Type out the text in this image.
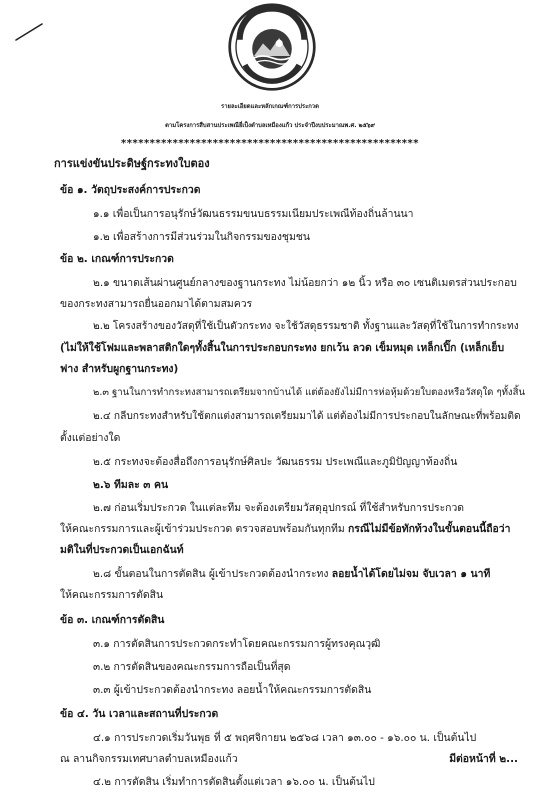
รายละเอียดและหลักเกณฑ์การประกวด
ตามโครงการสืบสานประเพณียี่เป็งตำบลเหมืองแก้ว ประจำปีงบประมาณพ.ศ. ๒๕๖๙
****************************************************
การแข่งขันประดิษฐ์กระทงใบตอง
ข้อ ๑. วัตถุประสงค์การประกวด
๑.๑ เพื่อเป็นการอนุรักษ์วัฒนธรรมขนบธรรมเนียมประเพณีท้องถิ่นล้านนา
๑.๒ เพื่อสร้างการมีส่วนร่วมในกิจกรรมของชุมชน
ข้อ ๒. เกณฑ์การประกวด
๒.๑ ขนาดเส้นผ่านศูนย์กลางของฐานกระทง ไม่น้อยกว่า ๑๒ นิ้ว หรือ ๓๐ เซนติเมตรส่วนประกอบ
ของกระทงสามารถยื่นออกมาได้ตามสมควร
๒.๒ โครงสร้างของวัสดุที่ใช้เป็นตัวกระทง จะใช้วัสดุธรรมชาติ ทั้งฐานและวัสดุที่ใช้ในการทำกระทง
(ไม่ให้ใช้โฟมและพลาสติกใดๆทั้งสิ้นในการประกอบกระทง ยกเว้น ลวด เข็มหมุด เหล็กเปิ๊ก (เหล็กเย็บ
ฟาง สำหรับผูกฐานกระทง)
๒.๓ ฐานในการทำกระทงสามารถเตรียมจากบ้านได้ แต่ต้องยังไม่มีการห่อหุ้มด้วยใบตองหรือวัสดุใด ๆทั้งสิ้น
๒.๔ กลีบกระทงสำหรับใช้ตกแต่งสามารถเตรียมมาได้ แต่ต้องไม่มีการประกอบในลักษณะที่พร้อมติด
ตั้งแต่อย่างใด
๒.๕ กระทงจะต้องสื่อถึงการอนุรักษ์ศิลปะ วัฒนธรรม ประเพณีและภูมิปัญญาท้องถิ่น
๒.๖ ทีมละ ๓ คน
๒.๗ ก่อนเริ่มประกวด ในแต่ละทีม จะต้องเตรียมวัสดุอุปกรณ์ ที่ใช้สำหรับการประกวด
ให้คณะกรรมการและผู้เข้าร่วมประกวด ตรวจสอบพร้อมกันทุกทีม กรณีไม่มีข้อทักท้วงในขั้นตอนนี้ถือว่า
มติในที่ประกวดเป็นเอกฉันท์
๒.๘ ขั้นตอนในการตัดสิน ผู้เข้าประกวดต้องนำกระทง ลอยน้ำได้โดยไม่จม จับเวลา ๑ นาที
ให้คณะกรรมการตัดสิน
ข้อ ๓. เกณฑ์การตัดสิน
๓.๑ การตัดสินการประกวดกระทำโดยคณะกรรมการผู้ทรงคุณวุฒิ
๓.๒ การตัดสินของคณะกรรมการถือเป็นที่สุด
๓.๓ ผู้เข้าประกวดต้องนำกระทง ลอยน้ำให้คณะกรรมการตัดสิน
ข้อ ๔. วัน เวลาและสถานที่ประกวด
๔.๑ การประกวดเริ่มวันพุธ ที่ ๕ พฤศจิกายน ๒๕๖๘ เวลา ๑๓.๐๐ - ๑๖.๐๐ น. เป็นต้นไป
ณ ลานกิจกรรมเทศบาลตำบลเหมืองแก้ว
๔.๒ การตัดสิน เริ่มทำการตัดสินตั้งแต่เวลา ๑๖.๐๐ น. เป็นต้นไป
มีต่อหน้าที่ ๒...
